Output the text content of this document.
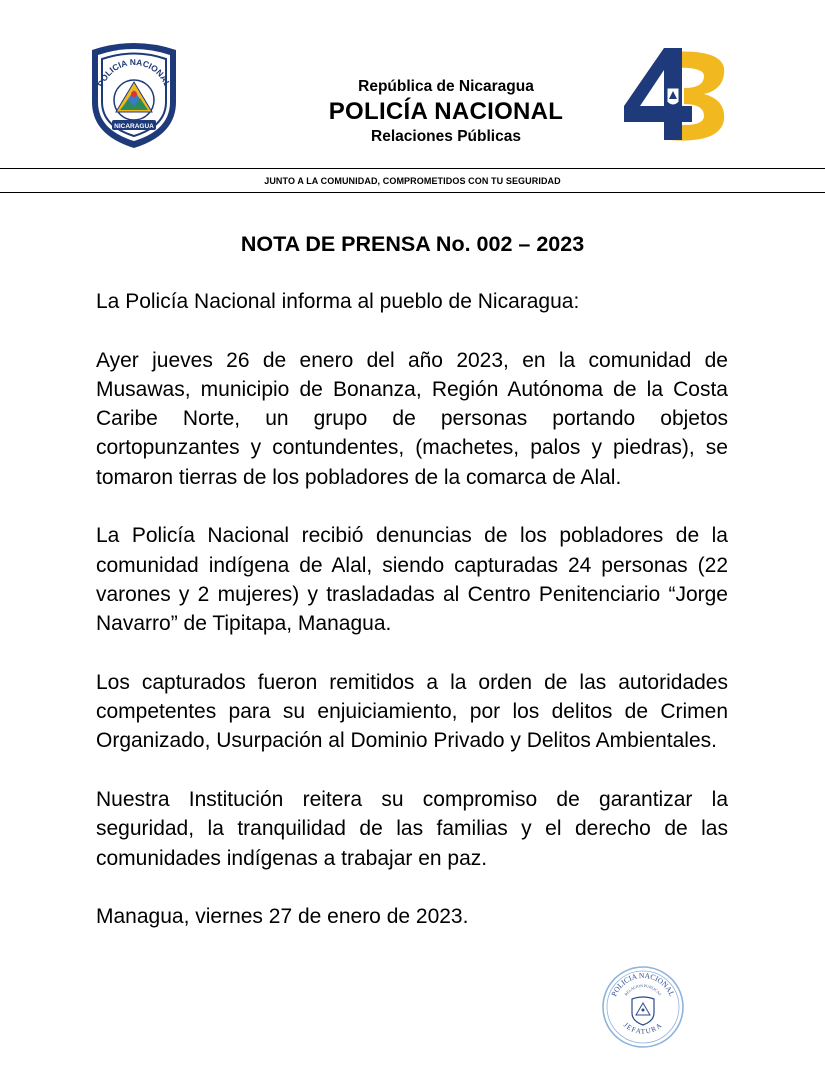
POLICIA NACIONAL
NICARAGUA
República de Nicaragua
POLICÍA NACIONAL
Relaciones Públicas
JUNTO A LA COMUNIDAD, COMPROMETIDOS CON TU SEGURIDAD
NOTA DE PRENSA No. 002 – 2023

La Policía Nacional informa al pueblo de Nicaragua:

Ayer jueves 26 de enero del año 2023, en la comunidad de Musawas, municipio de Bonanza, Región Autónoma de la Costa Caribe Norte, un grupo de personas portando objetos cortopunzantes y contundentes, (machetes, palos y piedras), se tomaron tierras de los pobladores de la comarca de Alal.

La Policía Nacional recibió denuncias de los pobladores de la comunidad indígena de Alal, siendo capturadas 24 personas (22 varones y 2 mujeres) y trasladadas al Centro Penitenciario “Jorge Navarro” de Tipitapa, Managua.

Los capturados fueron remitidos a la orden de las autoridades competentes para su enjuiciamiento, por los delitos de Crimen Organizado, Usurpación al Dominio Privado y Delitos Ambientales.

Nuestra Institución reitera su compromiso de garantizar la seguridad, la tranquilidad de las familias y el derecho de las comunidades indígenas a trabajar en paz.

Managua, viernes 27 de enero de 2023.

POLICIA NACIONAL
RELACION PUBLICAS
JEFATURA
